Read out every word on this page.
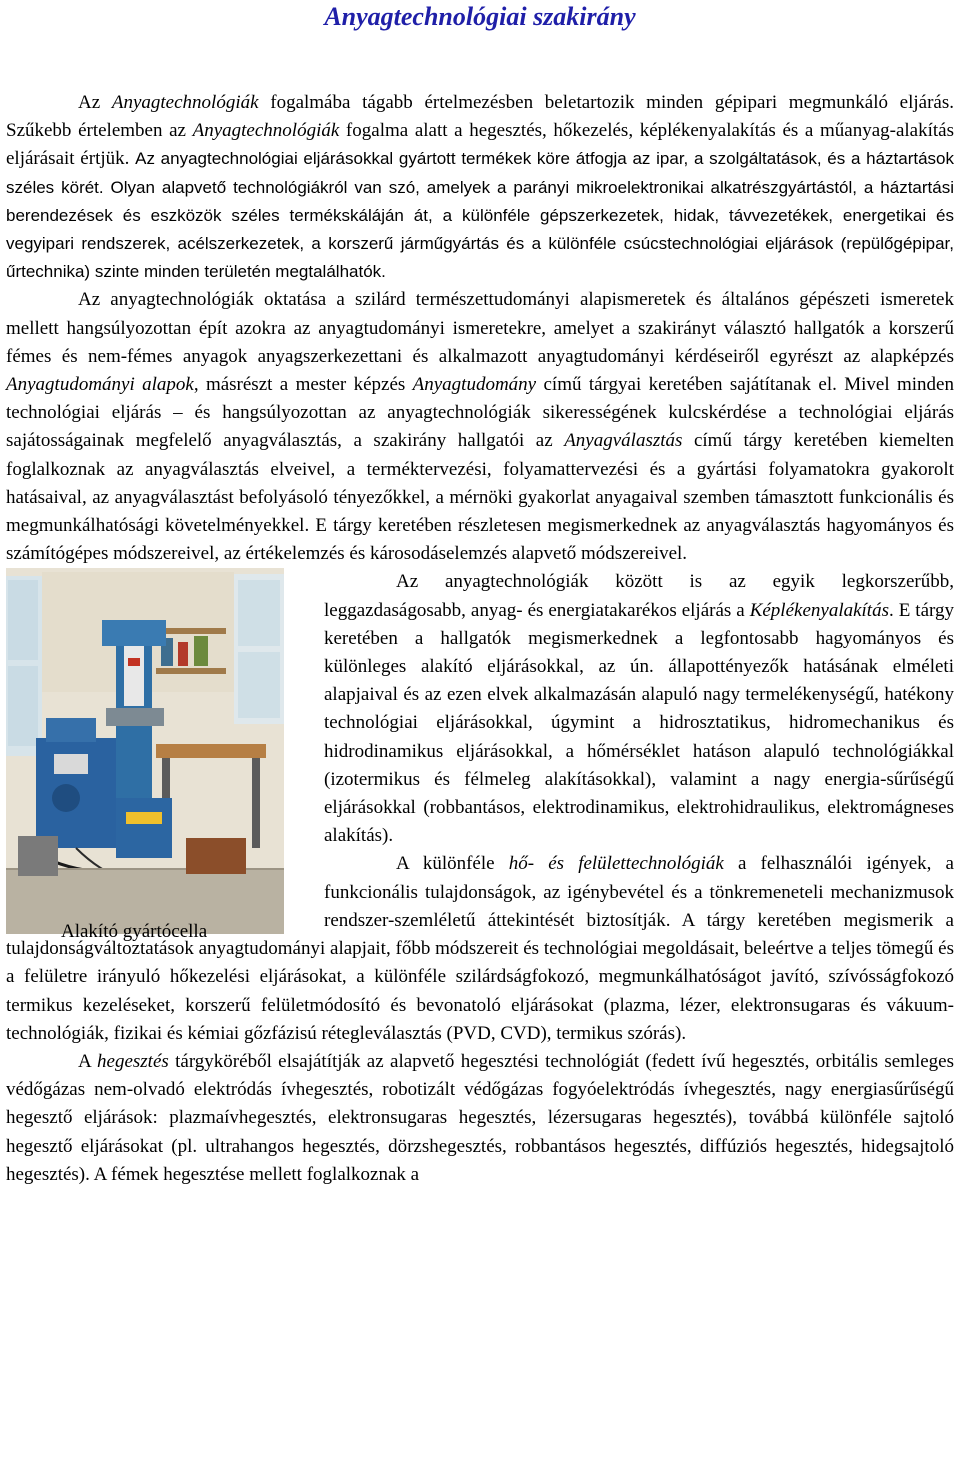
Anyagtechnológiai szakirány

Az Anyagtechnológiák fogalmába tágabb értelmezésben beletartozik minden gépipari megmunkáló eljárás. Szűkebb értelemben az Anyagtechnológiák fogalma alatt a hegesztés, hőkezelés, képlékenyalakítás és a műanyag-alakítás eljárásait értjük. Az anyagtechnológiai eljárásokkal gyártott termékek köre átfogja az ipar, a szolgáltatások, és a háztartások széles körét. Olyan alapvető technológiákról van szó, amelyek a parányi mikroelektronikai alkatrészgyártástól, a háztartási berendezések és eszközök széles termékskáláján át, a különféle gépszerkezetek, hidak, távvezetékek, energetikai és vegyipari rendszerek, acélszerkezetek, a korszerű járműgyártás és a különféle csúcstechnológiai eljárások (repülőgépipar, űrtechnika) szinte minden területén megtalálhatók.

Az anyagtechnológiák oktatása a szilárd természettudományi alapismeretek és általános gépészeti ismeretek mellett hangsúlyozottan épít azokra az anyagtudományi ismeretekre, amelyet a szakirányt választó hallgatók a korszerű fémes és nem-fémes anyagok anyagszerkezettani és alkalmazott anyagtudományi kérdéseiről egyrészt az alapképzés Anyagtudományi alapok, másrészt a mester képzés Anyagtudomány című tárgyai keretében sajátítanak el. Mivel minden technológiai eljárás – és hangsúlyozottan az anyagtechnológiák sikerességének kulcskérdése a technológiai eljárás sajátosságainak megfelelő anyagválasztás, a szakirány hallgatói az Anyagválasztás című tárgy keretében kiemelten foglalkoznak az anyagválasztás elveivel, a terméktervezési, folyamattervezési és a gyártási folyamatokra gyakorolt hatásaival, az anyagválasztást befolyásoló tényezőkkel, a mérnöki gyakorlat anyagaival szemben támasztott funkcionális és megmunkálhatósági követelményekkel. E tárgy keretében részletesen megismerkednek az anyagválasztás hagyományos és számítógépes módszereivel, az értékelemzés és károsodáselemzés alapvető módszereivel.

Alakító gyártócella

Az anyagtechnológiák között is az egyik legkorszerűbb, leggazdaságosabb, anyag- és energiatakarékos eljárás a Képlékenyalakítás. E tárgy keretében a hallgatók megismerkednek a legfontosabb hagyományos és különleges alakító eljárásokkal, az ún. állapottényezők hatásának elméleti alapjaival és az ezen elvek alkalmazásán alapuló nagy termelékenységű, hatékony technológiai eljárásokkal, úgymint a hidrosztatikus, hidromechanikus és hidrodinamikus eljárásokkal, a hőmérséklet hatáson alapuló technológiákkal (izotermikus és félmeleg alakításokkal), valamint a nagy energia-sűrűségű eljárásokkal (robbantásos, elektrodinamikus, elektrohidraulikus, elektromágneses alakítás).

A különféle hő- és felülettechnológiák a felhasználói igények, a funkcionális tulajdonságok, az igénybevétel és a tönkremeneteli mechanizmusok rendszer-szemléletű áttekintését biztosítják. A tárgy keretében megismerik a tulajdonságváltoztatások anyagtudományi alapjait, főbb módszereit és technológiai megoldásait, beleértve a teljes tömegű és a felületre irányuló hőkezelési eljárásokat, a különféle szilárdságfokozó, megmunkálhatóságot javító, szívósságfokozó termikus kezeléseket, korszerű felületmódosító és bevonatoló eljárásokat (plazma, lézer, elektronsugaras és vákuum-technológiák, fizikai és kémiai gőzfázisú rétegleválasztás (PVD, CVD), termikus szórás).

A hegesztés tárgyköréből elsajátítják az alapvető hegesztési technológiát (fedett ívű hegesztés, orbitális semleges védőgázas nem-olvadó elektródás ívhegesztés, robotizált védőgázas fogyóelektródás ívhegesztés, nagy energiasűrűségű hegesztő eljárások: plazmaívhegesztés, elektronsugaras hegesztés, lézersugaras hegesztés), továbbá különféle sajtoló hegesztő eljárásokat (pl. ultrahangos hegesztés, dörzshegesztés, robbantásos hegesztés, diffúziós hegesztés, hidegsajtoló hegesztés). A fémek hegesztése mellett foglalkoznak a
